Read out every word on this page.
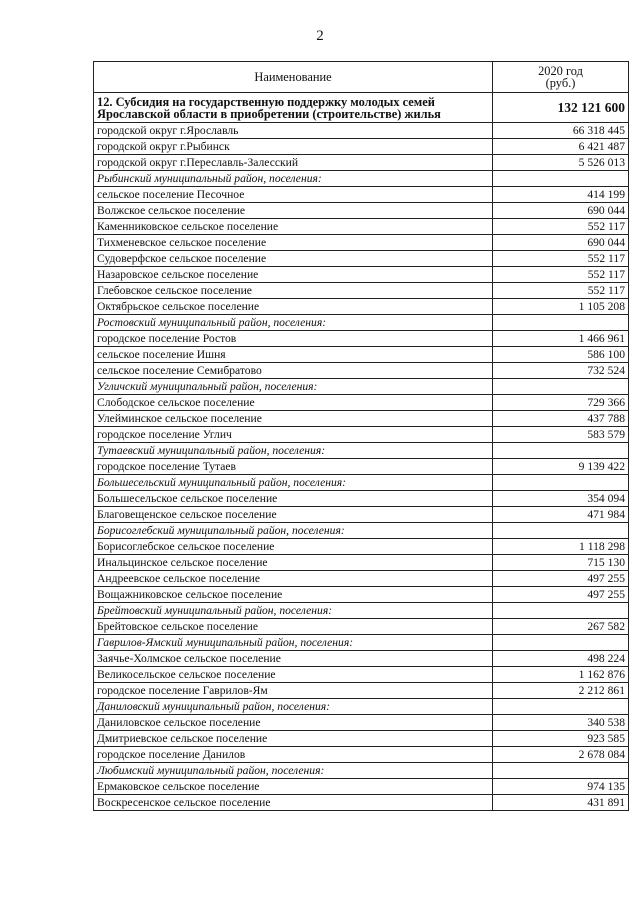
2
Наименование	2020 год
(руб.)

12. Субсидия на государственную поддержку молодых семей Ярославской области в приобретении (строительстве) жилья	132 121 600
городской округ г.Ярославль	66 318 445
городской округ г.Рыбинск	6 421 487
городской округ г.Переславль-Залесский	5 526 013
Рыбинский муниципальный район, поселения:	
сельское поселение Песочное	414 199
Волжское сельское поселение	690 044
Каменниковское сельское поселение	552 117
Тихменевское сельское поселение	690 044
Судоверфское сельское поселение	552 117
Назаровское сельское поселение	552 117
Глебовское сельское поселение	552 117
Октябрьское сельское поселение	1 105 208
Ростовский муниципальный район, поселения:	
городское поселение Ростов	1 466 961
сельское поселение Ишня	586 100
сельское поселение Семибратово	732 524
Угличский муниципальный район, поселения:	
Слободское сельское поселение	729 366
Улейминское сельское поселение	437 788
городское поселение Углич	583 579
Тутаевский муниципальный район, поселения:	
городское поселение Тутаев	9 139 422
Большесельский муниципальный район, поселения:	
Большесельское сельское поселение	354 094
Благовещенское сельское поселение	471 984
Борисоглебский муниципальный район, поселения:	
Борисоглебское сельское поселение	1 118 298
Инальцинское сельское поселение	715 130
Андреевское сельское поселение	497 255
Вощажниковское сельское поселение	497 255
Брейтовский муниципальный район, поселения:	
Брейтовское сельское поселение	267 582
Гаврилов-Ямский муниципальный район, поселения:	
Заячье-Холмское сельское поселение	498 224
Великосельское сельское поселение	1 162 876
городское поселение Гаврилов-Ям	2 212 861
Даниловский муниципальный район, поселения:	
Даниловское сельское поселение	340 538
Дмитриевское сельское поселение	923 585
городское поселение Данилов	2 678 084
Любимский муниципальный район, поселения:	
Ермаковское сельское поселение	974 135
Воскресенское сельское поселение	431 891
